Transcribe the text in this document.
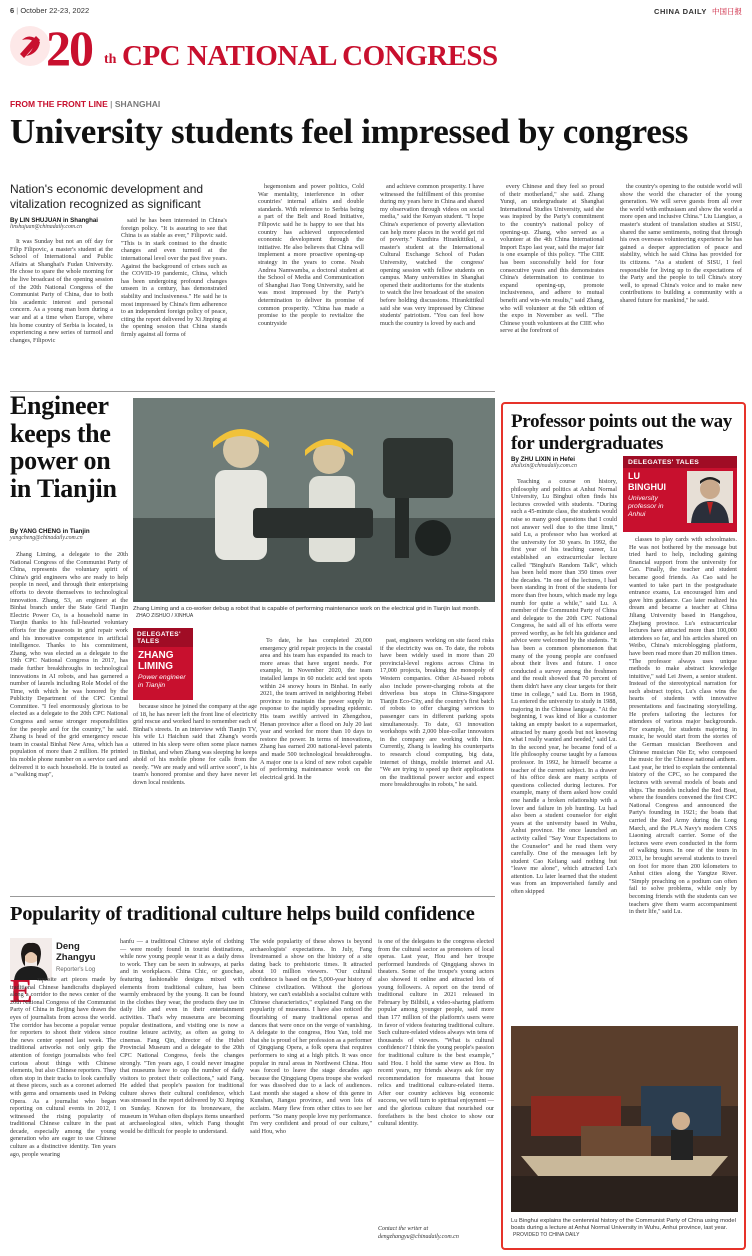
6 | October 22-23, 2022	CHINA DAILY 中国日报
20 th CPC NATIONAL CONGRESS
FROM THE FRONT LINE | SHANGHAI
University students feel impressed by congress
Nation's economic development and vitalization recognized as significant
By LIN SHUJUAN in Shanghai
linshujuan@chinadaily.com.cn

It was Sunday but not an off day for Filip Filipovic, a master's student at the School of International and Public Affairs at Shanghai's Fudan University. He chose to spare the whole morning for the live broadcast of the opening session of the 20th National Congress of the Communist Party of China, due to both his academic interest and personal concern. As a young man born during a war and at a time when Europe, where his home country of Serbia is located, is experiencing a new series of turmoil and changes, Filipovic

said he has been interested in China's foreign policy. "It is assuring to see that China is as stable as ever," Filipovic said. "This is in stark contrast to the drastic changes and even turmoil at the international level over the past five years. Against the background of crises such as the COVID-19 pandemic, China, which has been undergoing profound changes unseen in a century, has demonstrated stability and inclusiveness." He said he is most impressed by China's firm adherence to an independent foreign policy of peace, citing the report delivered by Xi Jinping at the opening session that China stands firmly against all forms of

hegemonism and power politics, Cold War mentality, interference in other countries' internal affairs and double standards. With reference to Serbia being a part of the Belt and Road Initiative, Filipovic said he is happy to see that his country has achieved unprecedented economic development through the initiative. He also believes that China will implement a more proactive opening-up strategy in the years to come. Noah Andrea Namwamba, a doctoral student at the School of Media and Communication of Shanghai Jiao Tong University, said he was most impressed by the Party's determination to deliver its promise of common prosperity. "China has made a promise to the people to revitalize the countryside

and achieve common prosperity. I have witnessed the fulfillment of this promise during my years here in China and shared my observation through videos on social media," said the Kenyan student. "I hope China's experience of poverty alleviation can help more places in the world get rid of poverty." Kunthira Hirankittikul, a master's student at the International Cultural Exchange School of Fudan University, watched the congress' opening session with fellow students on campus. Many universities in Shanghai opened their auditoriums for the students to watch the live broadcast of the session before holding discussions. Hirankittikul said she was very impressed by Chinese students' patriotism. "You can feel how much the country is loved by each and

every Chinese and they feel so proud of their motherland," she said. Zhang Yunqi, an undergraduate at Shanghai International Studies University, said she was inspired by the Party's commitment to the country's national policy of opening-up. Zhang, who served as a volunteer at the 4th China International Import Expo last year, said the major fair is one example of this policy. "The CIIE has been successfully held for four consecutive years and this demonstrates China's determination to continue to expand opening-up, promote inclusiveness, and adhere to mutual benefit and win-win results," said Zhang, who will volunteer at the 5th edition of the expo in November as well. "The Chinese youth volunteers at the CIIE who serve at the forefront of

the country's opening to the outside world will show the world the character of the young generation. We will serve guests from all over the world with enthusiasm and show the world a more open and inclusive China." Liu Liangtao, a master's student of translation studies at SISU, shared the same sentiments, noting that through his own overseas volunteering experience he has gained a deeper appreciation of peace and stability, which he said China has provided for its citizens. "As a student of SISU, I feel responsible for living up to the expectations of the Party and the people to tell China's story well, to spread China's voice and to make new contributions to building a community with a shared future for mankind," he said.

Engineer keeps the power on in Tianjin
By YANG CHENG in Tianjin
yangcheng@chinadaily.com.cn

Zhang Liming, a delegate to the 20th National Congress of the Communist Party of China, represents the voluntary spirit of China's grid engineers who are ready to help people in need, and through their enterprising efforts to devote themselves to technological innovation. Zhang, 53, an engineer at the Binhai branch under the State Grid Tianjin Electric Power Co, is a household name in Tianjin thanks to his full-hearted voluntary efforts for the grassroots in grid repair work and his innovative competence in artificial intelligence. Thanks to his commitment, Zhang, who was elected as a delegate to the 19th CPC National Congress in 2017, has made further breakthroughs in technological innovations in AI robots, and has garnered a number of laurels including Role Model of the Time, with which he was honored by the Publicity Department of the CPC Central Committee. "I feel enormously glorious to be elected as a delegate to the 20th CPC National Congress and sense stronger responsibilities for the people and for the country," he said. Zhang is head of the grid emergency rescue team in coastal Binhai New Area, which has a population of more than 2 million. He printed his mobile phone number on a service card and delivered it to each household. He is touted as a "walking map",

Zhang Liming and a co-worker debug a robot that is capable of performing maintenance work on the electrical grid in Tianjin last month. ZHAO ZISHUO / XINHUA
DELEGATES' TALES
ZHANG LIMING
Power engineer in Tianjin

because since he joined the company at the age of 18, he has never left the front line of electricity grid rescue and worked hard to remember each of Binhai's streets. In an interview with Tianjin TV, his wife Li Haichun said that Zhang's words uttered in his sleep were often some place names in Binhai, and when Zhang was sleeping he keeps ahold of his mobile phone for calls from the needy. "We are ready and will arrive soon", is his team's honored promise and they have never let down local residents.

To date, he has completed 20,000 emergency grid repair projects in the coastal area and his team has expanded its reach to more areas that have urgent needs. For example, in November 2020, the team installed lamps in 60 nucleic acid test spots within 24 snowy hours in Binhai. In early 2021, the team arrived in neighboring Hebei province to maintain the power supply in response to the rapidly spreading epidemic. His team swiftly arrived in Zhengzhou, Henan province after a flood on July 20 last year and worked for more than 10 days to restore the power. In terms of innovations, Zhang has earned 200 national-level patents and made 500 technological breakthroughs. A major one is a kind of new robot capable of performing maintenance work on the electrical grid. In the

past, engineers working on site faced risks if the electricity was on. To date, the robots have been widely used in more than 20 provincial-level regions across China in 17,000 projects, breaking the monopoly of Western companies. Other AI-based robots also include power-charging robots at the driverless bus stops in China-Singapore Tianjin Eco-City, and the country's first batch of robots to offer charging services to passenger cars in different parking spots simultaneously. To date, 63 innovation workshops with 2,000 blue-collar innovators in the company are working with him. Currently, Zhang is leading his counterparts to research cloud computing, big data, internet of things, mobile internet and AI. "We are trying to speed up their applications on the traditional power sector and expect more breakthroughs in robots," he said.

Professor points out the way for undergraduates
By ZHU LIXIN in Hefei
zhulixin@chinadaily.com.cn	DELEGATES' TALES
LU BINGHUI
University professor in Anhui

Teaching a course on history, philosophy and politics at Anhui Normal University, Lu Binghui often finds his lectures crowded with students. "During such a 45-minute class, the students would raise so many good questions that I could not answer well due to the time limit," said Lu, a professor who has worked at the university for 30 years. In 1992, the first year of his teaching career, Lu established an extracurricular lecture called "Binghui's Random Talk", which has been held more than 350 times over the decades. "In one of the lectures, I had been standing in front of the students for more than five hours, which made my legs numb for quite a while," said Lu. A member of the Communist Party of China and delegate to the 20th CPC National Congress, he said all of his efforts were proved worthy, as he felt his guidance and advice were welcomed by the students. "It has been a common phenomenon that many of the young people are confused about their lives and future. I once conducted a survey among the freshmen and the result showed that 70 percent of them didn't have any clear targets for their time in college," said Lu. Born in 1968, Lu entered the university to study in 1988, majoring in the Chinese language. "At the beginning, I was kind of like a customer taking an empty basket to a supermarket, attracted by many goods but not knowing what I really wanted and needed," said Lu. In the second year, he became fond of a life philosophy course taught by a famous professor. In 1992, he himself became a teacher of the current subject. In a drawer of his office desk are many scripts of questions collected during lectures. For example, many of them asked how could one handle a broken relationship with a lover and failure in job hunting. Lu had also been a student counselor for eight years at the university based in Wuhu, Anhui province. He once launched an activity called "Say Your Expectations to the Counselor" and he read them very carefully. One of the messages left by student Cao Keliang said nothing but "leave me alone", which attracted Lu's attention. Lu later learned that the student was from an impoverished family and often skipped

classes to play cards with schoolmates. He was not bothered by the message but tried hard to help, including gaining financial support from the university for Cao. Finally, the teacher and student became good friends. As Cao said he wanted to take part in the postgraduate entrance exams, Lu encouraged him and gave him guidance. Cao later realized his dream and became a teacher at China Jiliang University based in Hangzhou, Zhejiang province. Lu's extracurricular lectures have attracted more than 100,000 attendees so far, and his articles shared on Weibo, China's microblogging platform, have been read more than 20 million times. "The professor always uses unique methods to make abstract knowledge intuitive," said Lei Jiwen, a senior student. Instead of the stereotypical narration for such abstract topics, Lu's class wins the hearts of students with innovative presentations and fascinating storytelling. He prefers tailoring the lectures for attendees of various major backgrounds. For example, for students majoring in music, he would start from the stories of the German musician Beethoven and Chinese musician Nie Er, who composed the music for the Chinese national anthem. Last year, he tried to explain the centennial history of the CPC, so he compared the lectures with several models of boats and ships. The models included the Red Boat, where the founders convened the first CPC National Congress and announced the Party's founding in 1921; the boats that carried the Red Army during the Long March, and the PLA Navy's modern CNS Liaoning aircraft carrier. Some of the lectures were even conducted in the form of walking tours. In one of the tours in 2013, he brought several students to travel on foot for more than 200 kilometers to Anhui cities along the Yangtze River. "Simply preaching on a podium can often fail to solve problems, while only by becoming friends with the students can we teachers give them warm accompaniment in their life," said Lu.

Lu Binghui explains the centennial history of the Communist Party of China using model boats during a lecture at Anhui Normal University in Wuhu, Anhui province, last year. PROVIDED TO CHINA DAILY
Popularity of traditional culture helps build confidence
Deng Zhangyu
Reporter's Log
E xquisite art pieces made by traditional Chinese handicrafts displayed along a corridor to the news center of the 20th National Congress of the Communist Party of China in Beijing have drawn the eyes of journalists from across the world. The corridor has become a popular venue for reporters to shoot their videos since the news center opened last week. The traditional artworks not only grip the attention of foreign journalists who feel curious about things with Chinese elements, but also Chinese reporters. They often stop in their tracks to look carefully at these pieces, such as a coronet adorned with gems and ornaments used in Peking Opera. As a journalist who began reporting on cultural events in 2012, I witnessed the rising popularity of traditional Chinese culture in the past decade, especially among the young generation who are eager to use Chinese culture as a distinctive identity. Ten years ago, people wearing

hanfu — a traditional Chinese style of clothing — were mostly found in tourist destinations, while now young people wear it as a daily dress to work. They can be seen in subways, at parks and in workplaces. China Chic, or guochao, featuring fashionable designs mixed with elements from traditional culture, has been warmly embraced by the young. It can be found in the clothes they wear, the products they use in daily life and even in their entertainment activities. That's why museums are becoming popular destinations, and visiting one is now a routine leisure activity, as often as going to cinemas. Fang Qin, director of the Hubei Provincial Museum and a delegate to the 20th CPC National Congress, feels the changes strongly. "Ten years ago, I could never imagine that museums have to cap the number of daily visitors to protect their collections," said Fang. He added that people's passion for traditional culture shows their cultural confidence, which was stressed in the report delivered by Xi Jinping on Sunday. Known for its bronzeware, the museum in Wuhan often displays items unearthed at archaeological sites, which Fang thought would be difficult for people to understand.

The wide popularity of these shows is beyond archaeologists' expectations. In July, Fang livestreamed a show on the history of a site dating back to prehistoric times. It attracted about 10 million viewers. "Our cultural confidence is based on the 5,000-year history of Chinese civilization. Without the glorious history, we can't establish a socialist culture with Chinese characteristics," explained Fang on the popularity of museums. I have also noticed the flourishing of many traditional operas and dances that were once on the verge of vanishing. A delegate to the congress, Hou Yan, told me that she is proud of her profession as a performer of Qingqiang Opera, a folk opera that requires performers to sing at a high pitch. It was once popular in rural areas in Northwest China. Hou was forced to leave the stage decades ago because the Qingqiang Opera troupe she worked for was dissolved due to a lack of audiences. Last month she staged a show of this genre in Kunshan, Jiangsu province, and won lots of acclaim. Many flew from other cities to see her perform. "So many people love my performance. I'm very confident and proud of our culture," said Hou, who

is one of the delegates to the congress elected from the cultural sector as promoters of local operas. Last year, Hou and her troupe performed hundreds of Qingqiang shows in theaters. Some of the troupe's young actors also showed it online and attracted lots of young followers. A report on the trend of traditional culture in 2021 released in February by Bilibili, a video-sharing platform popular among younger people, said more than 177 million of the platform's users were in favor of videos featuring traditional culture. Such culture-related videos always win tens of thousands of viewers. "What is cultural confidence? I think the young people's passion for traditional culture is the best example," said Hou. I hold the same view as Hou. In recent years, my friends always ask for my recommendation for museums that house relics and traditional culture-related items. After our country achieves big economic success, we will turn to spiritual enjoyment — and the glorious culture that nourished our forefathers is the best choice to show our cultural identity.

Contact the writer at
dengzhangyu@chinadaily.com.cn
